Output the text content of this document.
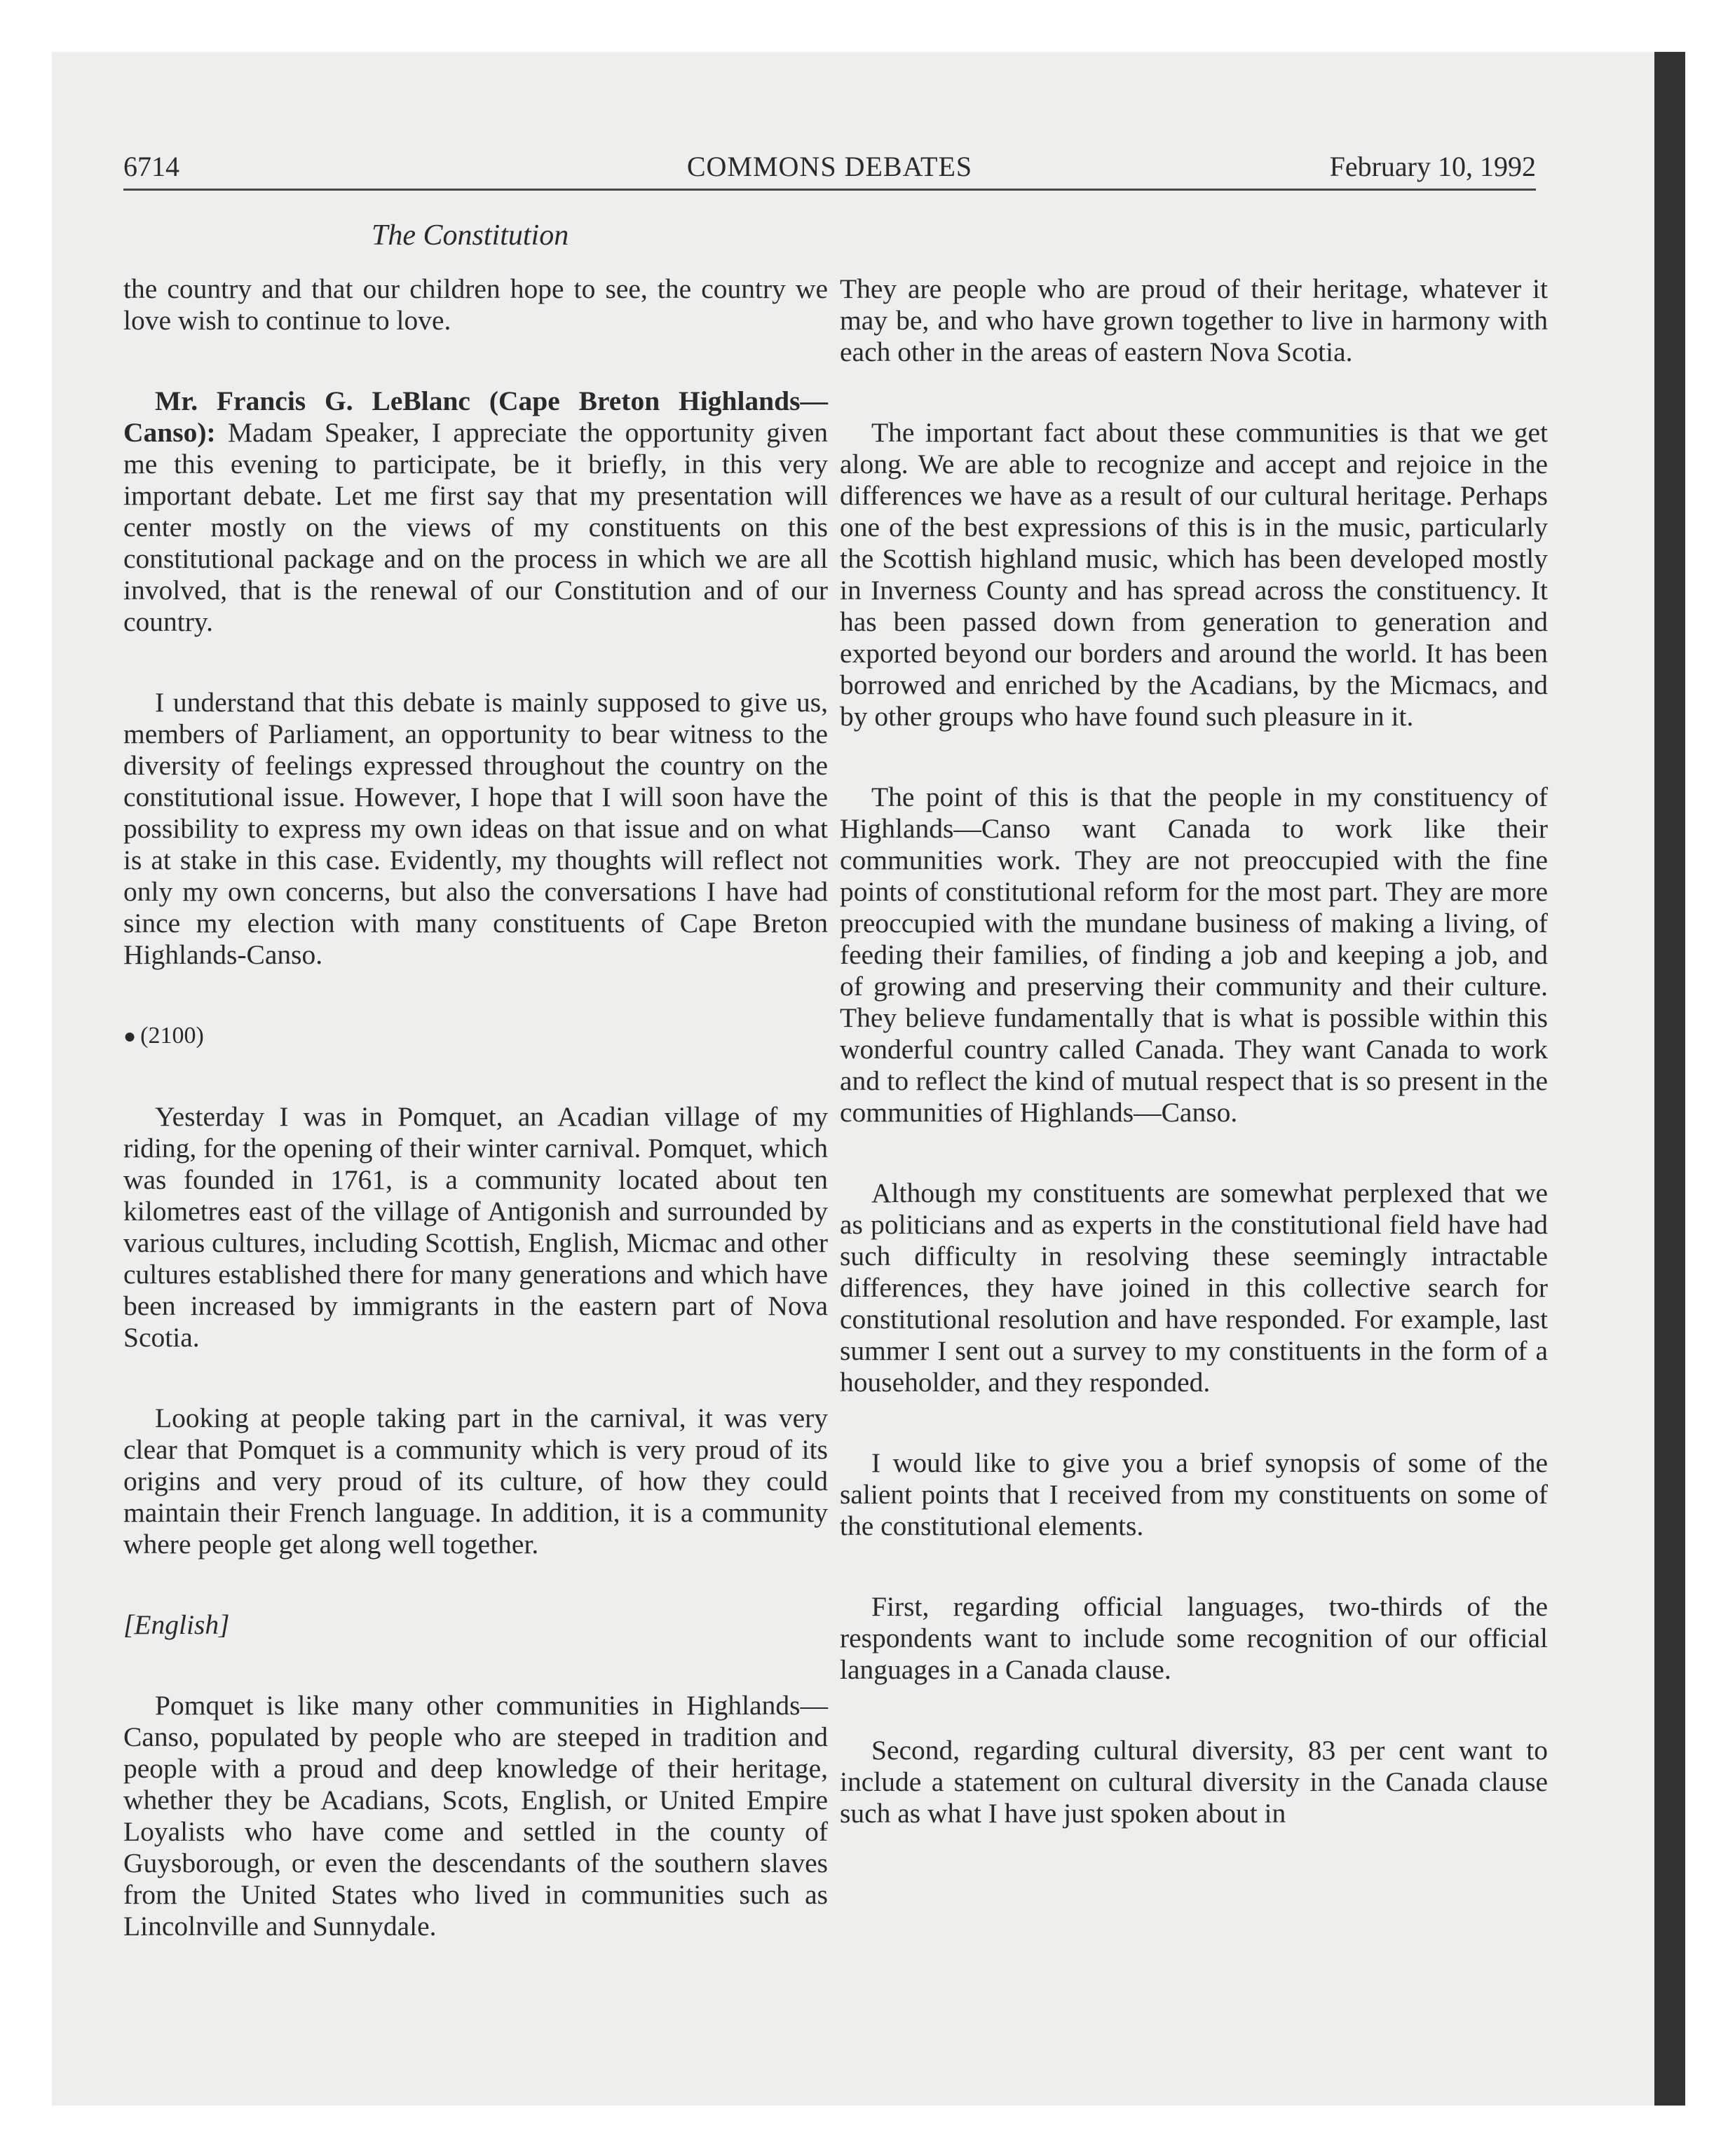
6714	COMMONS DEBATES	February 10, 1992
The Constitution

the country and that our children hope to see, the country we love wish to continue to love.

Mr. Francis G. LeBlanc (Cape Breton Highlands—Canso): Madam Speaker, I appreciate the opportunity given me this evening to participate, be it briefly, in this very important debate. Let me first say that my presentation will center mostly on the views of my constituents on this constitutional package and on the process in which we are all involved, that is the renewal of our Constitution and of our country.

I understand that this debate is mainly supposed to give us, members of Parliament, an opportunity to bear witness to the diversity of feelings expressed throughout the country on the constitutional issue. However, I hope that I will soon have the possibility to express my own ideas on that issue and on what is at stake in this case. Evidently, my thoughts will reflect not only my own concerns, but also the conversations I have had since my election with many constituents of Cape Breton Highlands-Canso.

● (2100)

Yesterday I was in Pomquet, an Acadian village of my riding, for the opening of their winter carnival. Pomquet, which was founded in 1761, is a community located about ten kilometres east of the village of Antigonish and surrounded by various cultures, including Scottish, English, Micmac and other cultures established there for many generations and which have been increased by immigrants in the eastern part of Nova Scotia.

Looking at people taking part in the carnival, it was very clear that Pomquet is a community which is very proud of its origins and very proud of its culture, of how they could maintain their French language. In addition, it is a community where people get along well together.

[English]

Pomquet is like many other communities in Highlands—Canso, populated by people who are steeped in tradition and people with a proud and deep knowledge of their heritage, whether they be Acadians, Scots, English, or United Empire Loyalists who have come and settled in the county of Guysborough, or even the descendants of the southern slaves from the United States who lived in communities such as Lincolnville and Sunnydale.

They are people who are proud of their heritage, whatever it may be, and who have grown together to live in harmony with each other in the areas of eastern Nova Scotia.

The important fact about these communities is that we get along. We are able to recognize and accept and rejoice in the differences we have as a result of our cultural heritage. Perhaps one of the best expressions of this is in the music, particularly the Scottish highland music, which has been developed mostly in Inverness County and has spread across the constituency. It has been passed down from generation to generation and exported beyond our borders and around the world. It has been borrowed and enriched by the Acadians, by the Micmacs, and by other groups who have found such pleasure in it.

The point of this is that the people in my constituency of Highlands—Canso want Canada to work like their communities work. They are not preoccupied with the fine points of constitutional reform for the most part. They are more preoccupied with the mundane business of making a living, of feeding their families, of finding a job and keeping a job, and of growing and preserving their community and their culture. They believe fundamentally that is what is possible within this wonderful country called Canada. They want Canada to work and to reflect the kind of mutual respect that is so present in the communities of Highlands—Canso.

Although my constituents are somewhat perplexed that we as politicians and as experts in the constitutional field have had such difficulty in resolving these seemingly intractable differences, they have joined in this collective search for constitutional resolution and have responded. For example, last summer I sent out a survey to my constituents in the form of a householder, and they responded.

I would like to give you a brief synopsis of some of the salient points that I received from my constituents on some of the constitutional elements.

First, regarding official languages, two-thirds of the respondents want to include some recognition of our official languages in a Canada clause.

Second, regarding cultural diversity, 83 per cent want to include a statement on cultural diversity in the Canada clause such as what I have just spoken about in
